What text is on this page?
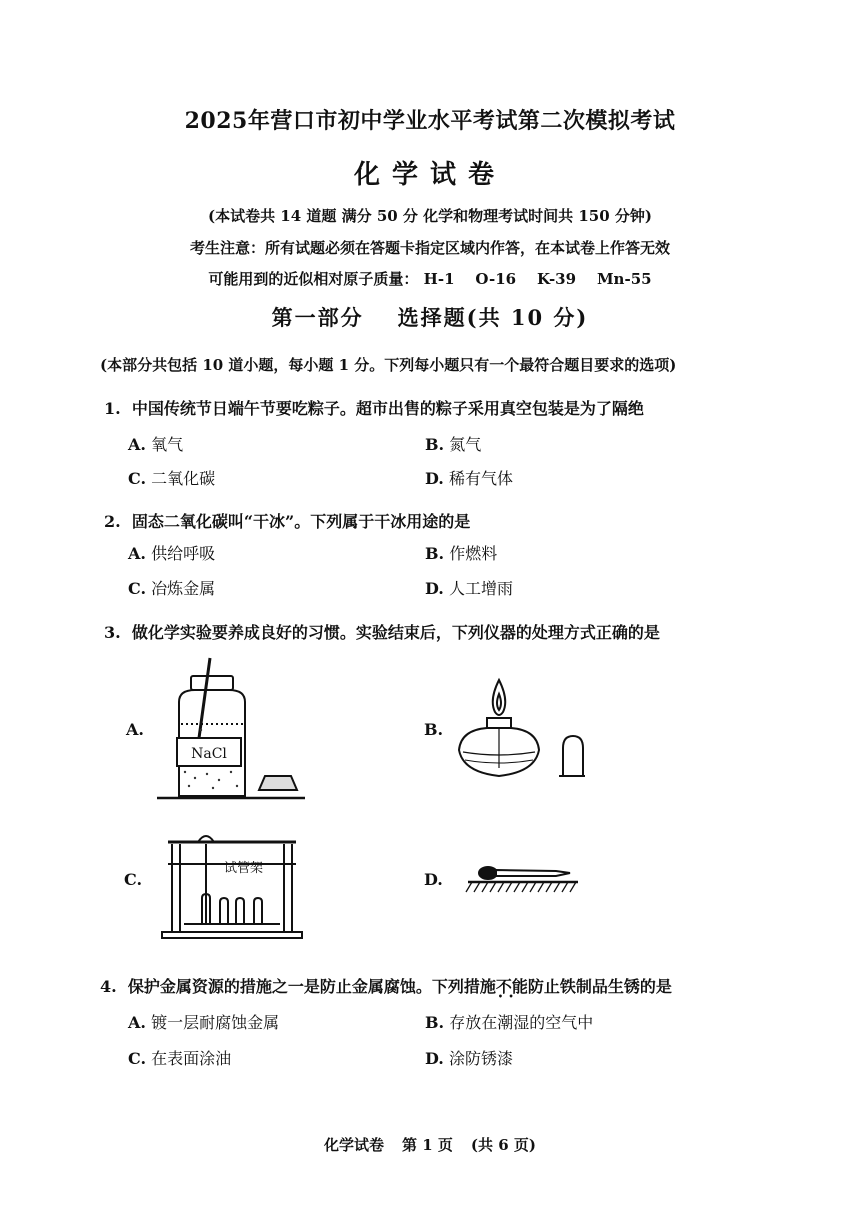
2025年营口市初中学业水平考试第二次模拟考试
化学试卷
(本试卷共 14 道题 满分 50 分 化学和物理考试时间共 150 分钟)
考生注意：所有试题必须在答题卡指定区域内作答，在本试卷上作答无效
可能用到的近似相对原子质量： H-1 O-16 K-39 Mn-55
第一部分 选择题(共 10 分)
(本部分共包括 10 道小题，每小题 1 分。下列每小题只有一个最符合题目要求的选项)
1. 中国传统节日端午节要吃粽子。超市出售的粽子采用真空包装是为了隔绝
A. 氧气	B. 氮气
C. 二氧化碳	D. 稀有气体
2. 固态二氧化碳叫“干冰”。下列属于干冰用途的是
A. 供给呼吸	B. 作燃料
C. 冶炼金属	D. 人工增雨
3. 做化学实验要养成良好的习惯。实验结束后，下列仪器的处理方式正确的是
A.
NaCl
B.
C.
试管架
D.
4. 保护金属资源的措施之一是防止金属腐蚀。下列措施不能 • •防止铁制品生锈的是
A. 镀一层耐腐蚀金属	B. 存放在潮湿的空气中
C. 在表面涂油	D. 涂防锈漆
化学试卷 第 1 页 (共 6 页)
